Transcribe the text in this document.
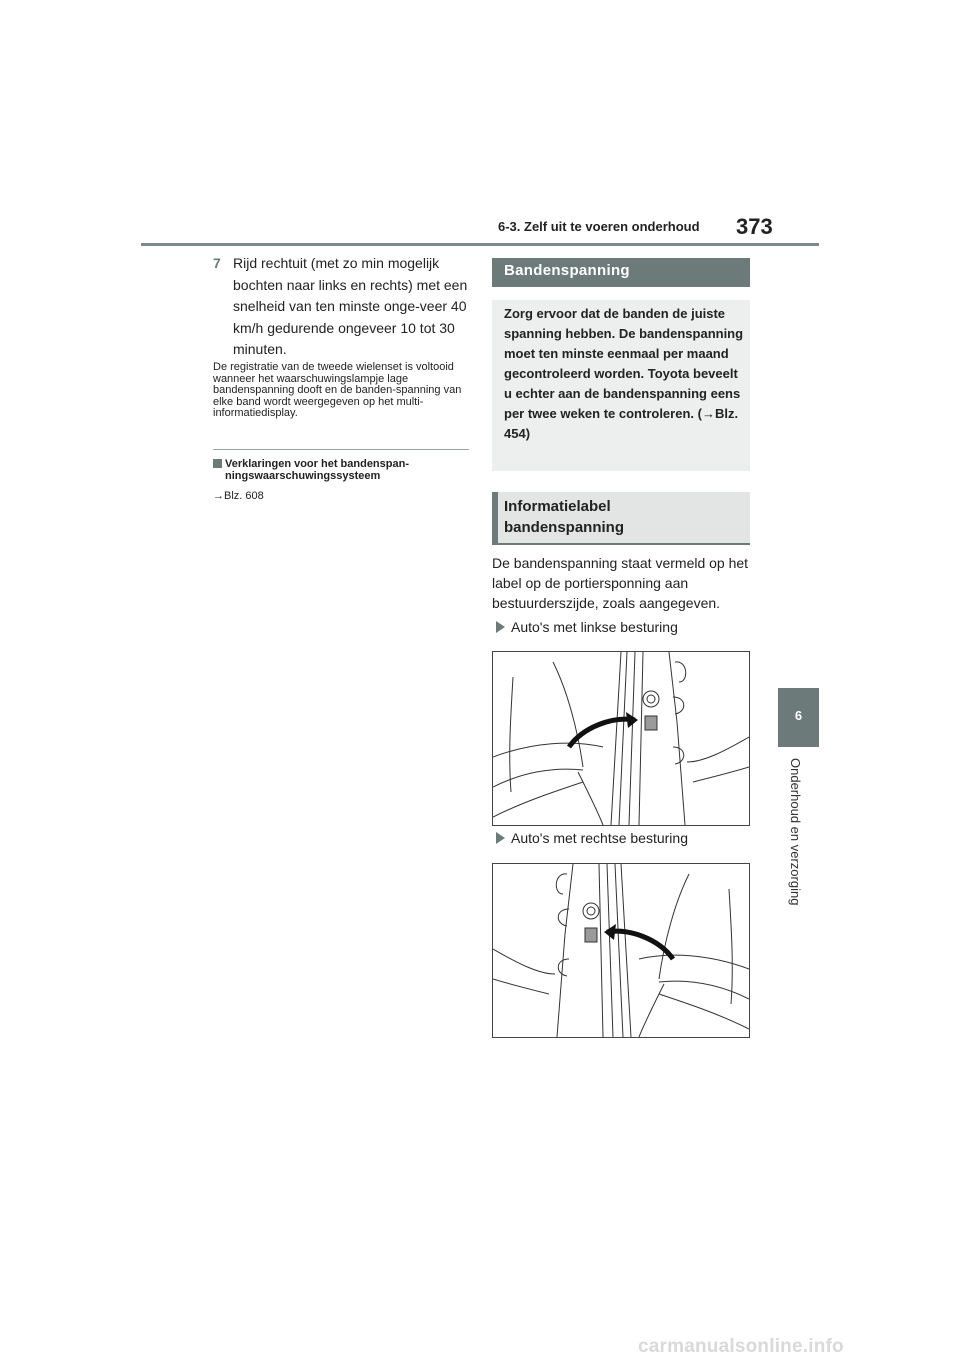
6-3. Zelf uit te voeren onderhoud 373
6
Onderhoud en verzorging
7 Rijd rechtuit (met zo min mogelijk bochten naar links en rechts) met een snelheid van ten minste onge-veer 40 km/h gedurende ongeveer 10 tot 30 minuten.
De registratie van de tweede wielenset is voltooid wanneer het waarschuwingslampje lage bandenspanning dooft en de banden-spanning van elke band wordt weergegeven op het multi-informatiedisplay.
Verklaringen voor het bandenspan-
ningswaarschuwingssysteem
→Blz. 608
Bandenspanning

Zorg ervoor dat de banden de juiste spanning hebben. De bandenspanning moet ten minste eenmaal per maand gecontroleerd worden. Toyota beveelt u echter aan de bandenspanning eens per twee weken te controleren. (→Blz. 454)

Informatielabel
bandenspanning
De bandenspanning staat vermeld op het label op de portiersponning aan bestuurderszijde, zoals aangegeven.
Auto's met linkse besturing
Auto's met rechtse besturing
carmanualsonline.info
